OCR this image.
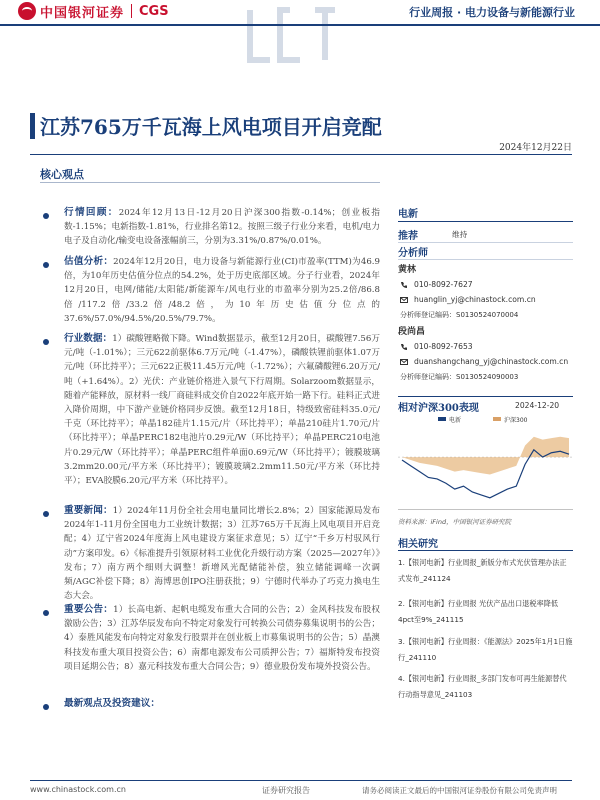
中国银河证券 CGS	行业周报 · 电力设备与新能源行业
江苏765万千瓦海上风电项目开启竞配
2024年12月22日
核心观点
行情回顾：2024年12月13日-12月20日沪深300指数-0.14%；创业板指数-1.15%；电新指数-1.81%，行业排名第12。按照三级子行业分来看，电机/电力电子及自动化/输变电设备涨幅前三，分别为3.31%/0.87%/0.01%。
估值分析：2024年12月20日，电力设备与新能源行业(CI)市盈率(TTM)为46.9倍，为10年历史估值分位点的54.2%，处于历史底部区域。分子行业看，2024年12月20日，电网/储能/太阳能/新能源车/风电行业的市盈率分别为25.2倍/86.8倍/117.2倍/33.2倍/48.2倍，为10年历史估值分位点的37.6%/57.0%/94.5%/20.5%/79.7%。
行业数据：1）碳酸锂略微下降。Wind数据显示，截至12月20日，碳酸锂7.56万元/吨（-1.01%）；三元622前驱体6.7万元/吨（-1.47%），磷酸铁锂前驱体1.07万元/吨（环比持平）；三元622正极11.45万元/吨（-1.72%）；六氟磷酸锂6.20万元/吨（+1.64%）。2）光伏：产业链价格进入景气下行周期。Solarzoom数据显示，随着产能释放，原材料一线厂商硅料成交价自2022年底开始一路下行。硅料正式进入降价周期，中下游产业链价格同步反馈。截至12月18日，特级致密硅料35.0元/千克（环比持平）；单晶182硅片1.15元/片（环比持平）；单晶210硅片1.70元/片（环比持平）；单晶PERC182电池片0.29元/W（环比持平）；单晶PERC210电池片0.29元/W（环比持平）；单晶PERC组件单面0.69元/W（环比持平）；镀膜玻璃3.2mm20.00元/平方米（环比持平）；镀膜玻璃2.2mm11.50元/平方米（环比持平）；EVA胶膜6.20元/平方米（环比持平）。
重要新闻：1）2024年11月份全社会用电量同比增长2.8%；2）国家能源局发布2024年1-11月份全国电力工业统计数据；3）江苏765万千瓦海上风电项目开启竞配；4）辽宁省2024年度海上风电建设方案征求意见；5）辽宁“千乡万村驭风行动”方案印发。6）《标准提升引领原材料工业优化升级行动方案（2025—2027年）》发布；7）南方两个细则大调整！新增风光配储能补偿，独立储能调峰一次调频/AGC补偿下降；8）海博思创IPO注册获批；9）宁德时代举办了巧克力换电生态大会。
重要公告：1）长高电新、起帆电缆发布重大合同的公告；2）金风科技发布股权激励公告；3）江苏华辰发布向不特定对象发行可转换公司债券募集说明书的公告；4）泰胜风能发布向特定对象发行股票并在创业板上市募集说明书的公告；5）晶澳科技发布重大项目投资公告；6）南都电源发布公司质押公告；7）福斯特发布投资项目延期公告；8）嘉元科技发布重大合同公告；9）德业股份发布境外投资公告。
最新观点及投资建议：
电新
推荐	维持
分析师
黄林
010-8092-7627
huanglin_yj@chinastock.com.cn
分析师登记编码：S0130524070004
段尚昌
010-8092-7653
duanshangchang_yj@chinastock.com.cn
分析师登记编码：S0130524090003
相对沪深300表现	2024-12-20
电新	沪深300
资料来源：iFind，中国银河证券研究院
相关研究
1.【银河电新】行业周报_新版分布式光伏管理办法正式发布_241124
2.【银河电新】行业周报 光伏产品出口退税率降低4pct至9%_241115
3.【银河电新】行业周报：《能源法》2025年1月1日施行_241110
4.【银河电新】行业周报_多部门发布可再生能源替代行动指导意见_241103
www.chinastock.com.cn	证券研究报告	请务必阅读正文最后的中国银河证券股份有限公司免责声明
